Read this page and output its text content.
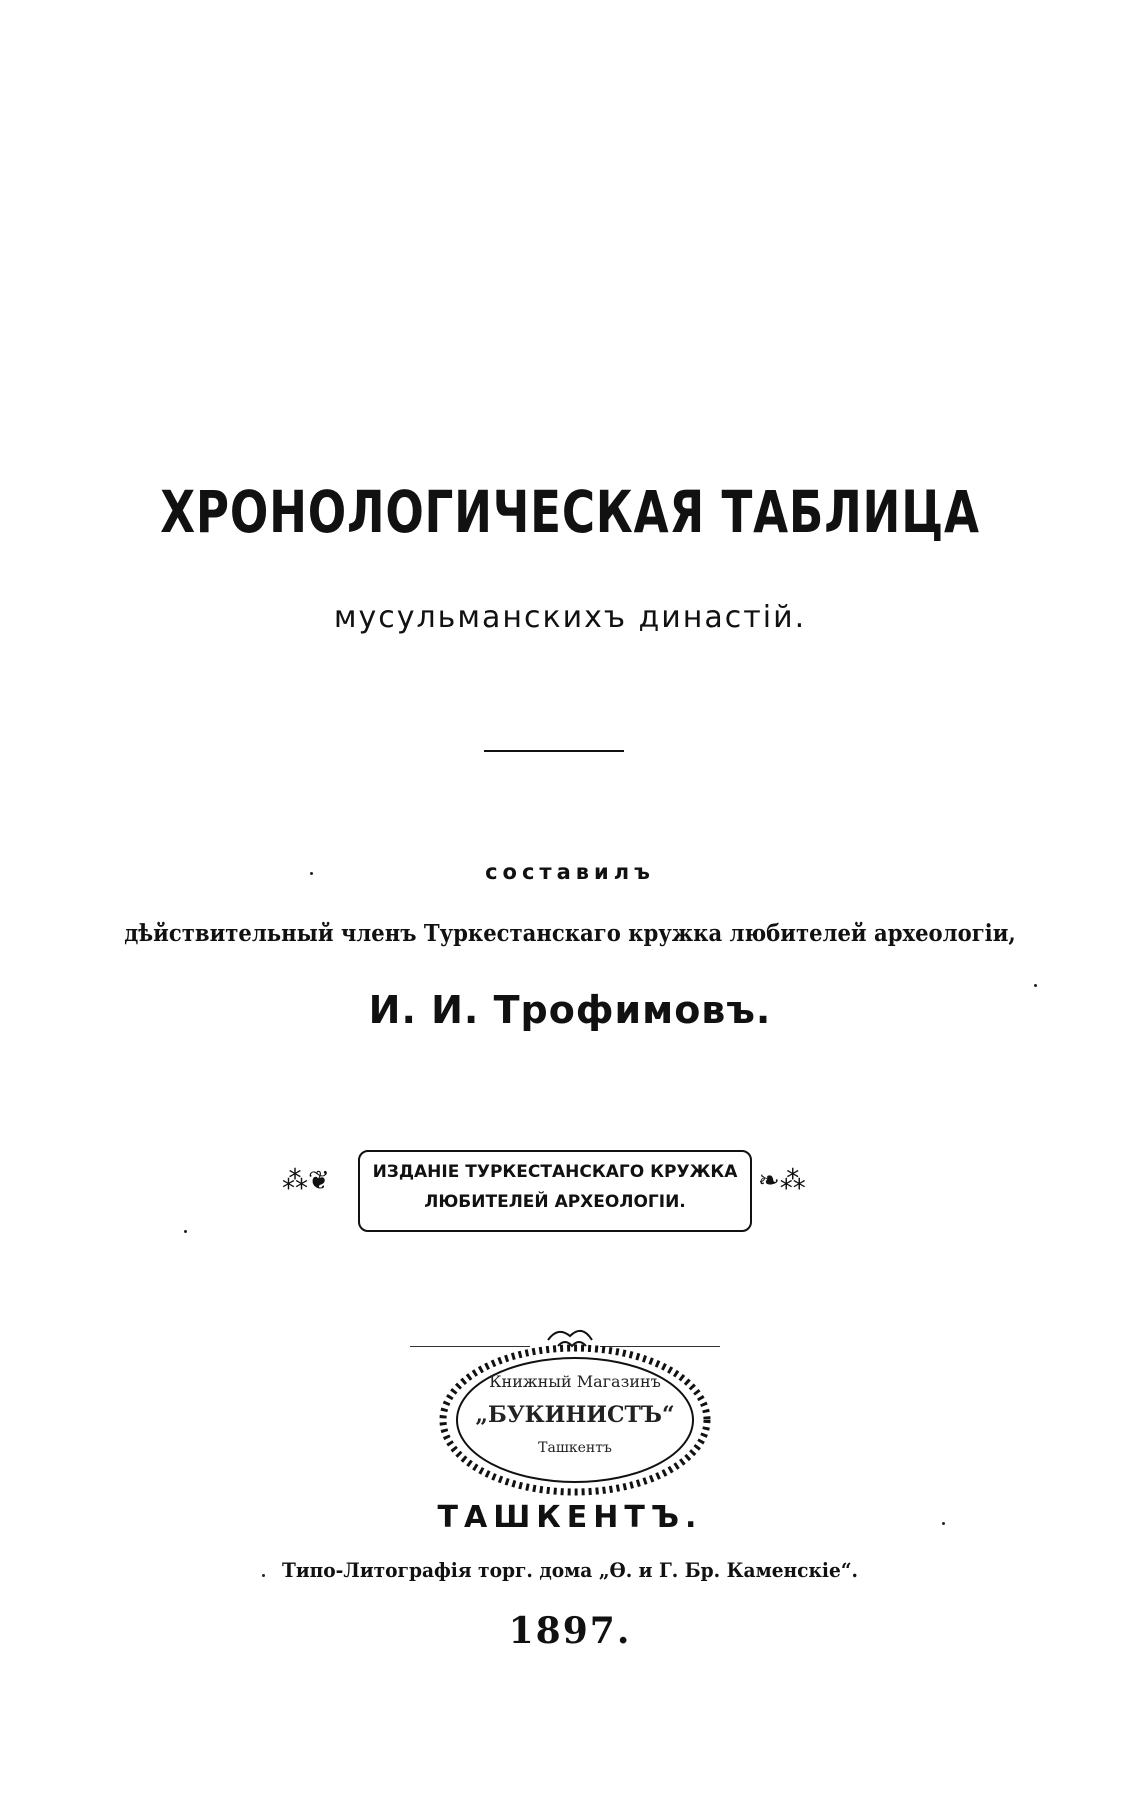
ХРОНОЛОГИЧЕСКАЯ ТАБЛИЦА
мусульманскихъ династій.
составилъ
дѣйствительный членъ Туркестанскаго кружка любителей археологіи,
И. И. Трофимовъ.
⁂❦	ИЗДАНІЕ ТУРКЕСТАНСКАГО КРУЖКА
ЛЮБИТЕЛЕЙ АРХЕОЛОГІИ.
❧⁂
Книжный Магазинъ
„БУКИНИСТЪ“
Ташкентъ
ТАШКЕНТЪ.
Типо-Литографія торг. дома „Ѳ. и Г. Бр. Каменскіе“.
1897.
